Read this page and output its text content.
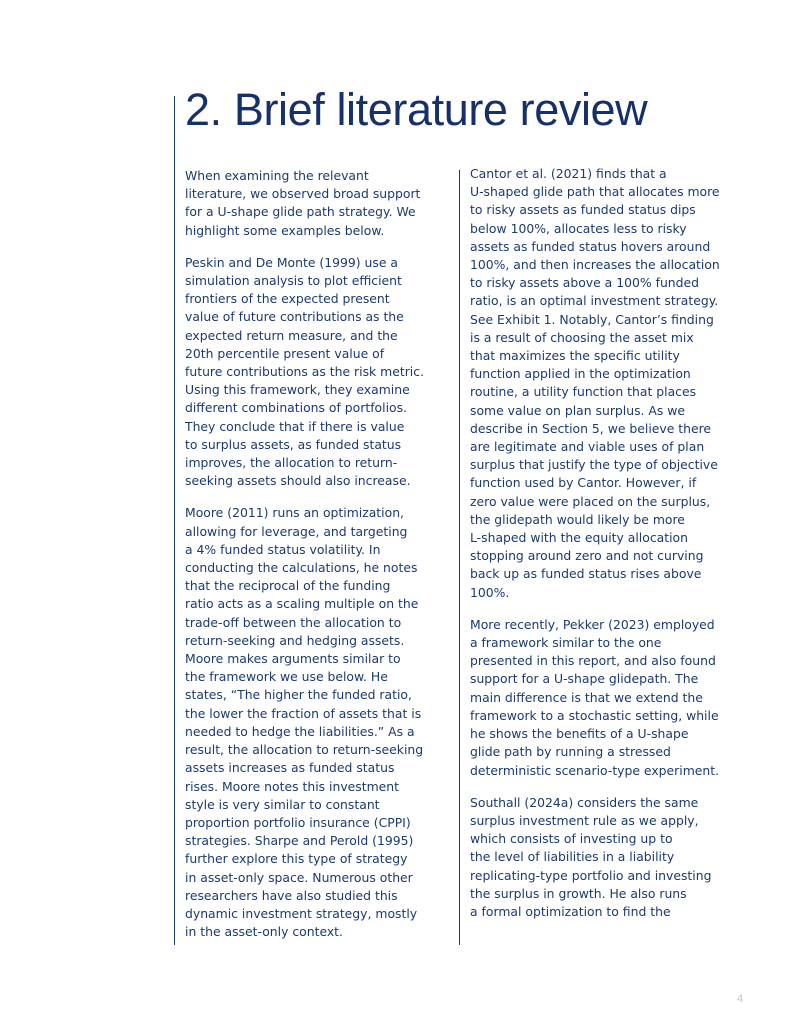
2. Brief literature review

When examining the relevant
literature, we observed broad support
for a U-shape glide path strategy. We
highlight some examples below.

Peskin and De Monte (1999) use a
simulation analysis to plot efficient
frontiers of the expected present
value of future contributions as the
expected return measure, and the
20th percentile present value of
future contributions as the risk metric.
Using this framework, they examine
different combinations of portfolios.
They conclude that if there is value
to surplus assets, as funded status
improves, the allocation to return-
seeking assets should also increase.

Moore (2011) runs an optimization,
allowing for leverage, and targeting
a 4% funded status volatility. In
conducting the calculations, he notes
that the reciprocal of the funding
ratio acts as a scaling multiple on the
trade-off between the allocation to
return-seeking and hedging assets.
Moore makes arguments similar to
the framework we use below. He
states, “The higher the funded ratio,
the lower the fraction of assets that is
needed to hedge the liabilities.” As a
result, the allocation to return-seeking
assets increases as funded status
rises. Moore notes this investment
style is very similar to constant
proportion portfolio insurance (CPPI)
strategies. Sharpe and Perold (1995)
further explore this type of strategy
in asset-only space. Numerous other
researchers have also studied this
dynamic investment strategy, mostly
in the asset-only context.

Cantor et al. (2021) finds that a
U-shaped glide path that allocates more
to risky assets as funded status dips
below 100%, allocates less to risky
assets as funded status hovers around
100%, and then increases the allocation
to risky assets above a 100% funded
ratio, is an optimal investment strategy.
See Exhibit 1. Notably, Cantor’s finding
is a result of choosing the asset mix
that maximizes the specific utility
function applied in the optimization
routine, a utility function that places
some value on plan surplus. As we
describe in Section 5, we believe there
are legitimate and viable uses of plan
surplus that justify the type of objective
function used by Cantor. However, if
zero value were placed on the surplus,
the glidepath would likely be more
L-shaped with the equity allocation
stopping around zero and not curving
back up as funded status rises above
100%.

More recently, Pekker (2023) employed
a framework similar to the one
presented in this report, and also found
support for a U-shape glidepath. The
main difference is that we extend the
framework to a stochastic setting, while
he shows the benefits of a U-shape
glide path by running a stressed
deterministic scenario-type experiment.

Southall (2024a) considers the same
surplus investment rule as we apply,
which consists of investing up to
the level of liabilities in a liability
replicating-type portfolio and investing
the surplus in growth. He also runs
a formal optimization to find the

4
